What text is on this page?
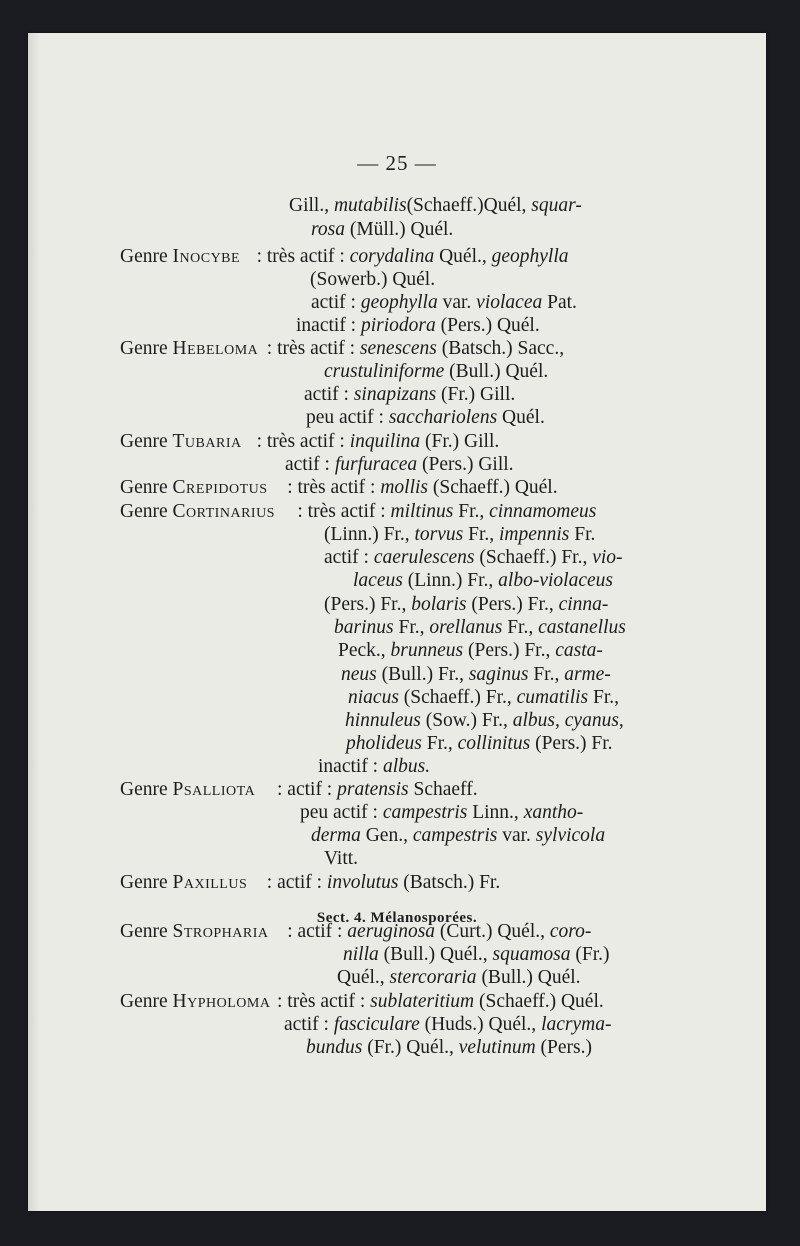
— 25 —
Sect. 4. Mélanosporées.
Gill., mutabilis(Schaeff.)Quél, squar-
rosa (Müll.) Quél.
Genre Inocybe : très actif : corydalina Quél., geophylla
(Sowerb.) Quél.
actif : geophylla var. violacea Pat.
inactif : piriodora (Pers.) Quél.
Genre Hebeloma : très actif : senescens (Batsch.) Sacc.,
crustuliniforme (Bull.) Quél.
actif : sinapizans (Fr.) Gill.
peu actif : sacchariolens Quél.
Genre Tubaria : très actif : inquilina (Fr.) Gill.
actif : furfuracea (Pers.) Gill.
Genre Crepidotus : très actif : mollis (Schaeff.) Quél.
Genre Cortinarius : très actif : miltinus Fr., cinnamomeus
(Linn.) Fr., torvus Fr., impennis Fr.
actif : caerulescens (Schaeff.) Fr., vio-
laceus (Linn.) Fr., albo-violaceus
(Pers.) Fr., bolaris (Pers.) Fr., cinna-
barinus Fr., orellanus Fr., castanellus
Peck., brunneus (Pers.) Fr., casta-
neus (Bull.) Fr., saginus Fr., arme-
niacus (Schaeff.) Fr., cumatilis Fr.,
hinnuleus (Sow.) Fr., albus, cyanus,
pholideus Fr., collinitus (Pers.) Fr.
inactif : albus.
Genre Psalliota : actif : pratensis Schaeff.
peu actif : campestris Linn., xantho-
derma Gen., campestris var. sylvicola
Vitt.
Genre Paxillus : actif : involutus (Batsch.) Fr.
Genre Stropharia : actif : aeruginosa (Curt.) Quél., coro-
nilla (Bull.) Quél., squamosa (Fr.)
Quél., stercoraria (Bull.) Quél.
Genre Hypholoma : très actif : sublateritium (Schaeff.) Quél.
actif : fasciculare (Huds.) Quél., lacryma-
bundus (Fr.) Quél., velutinum (Pers.)
